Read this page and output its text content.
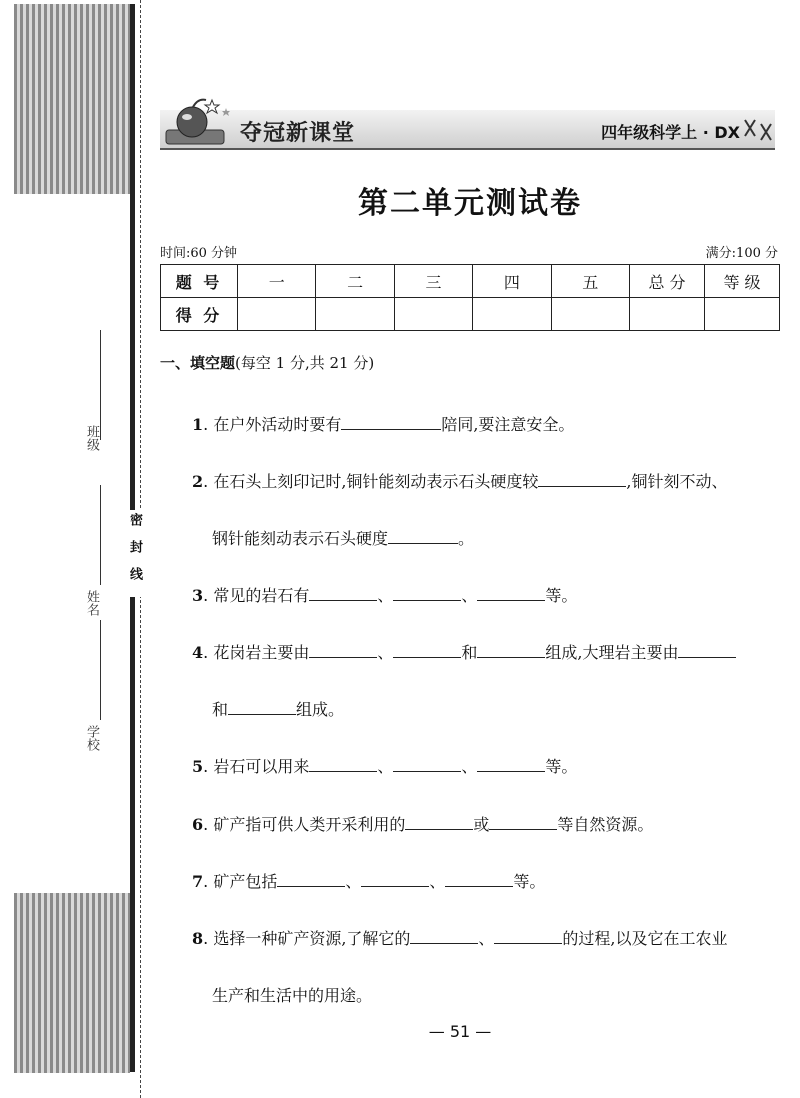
班级
姓名
学校
密封线
夺冠新课堂	四年级科学上 · DX
第二单元测试卷
时间:60 分钟	满分:100 分
题 号	一	二	三	四	五	总 分	等 级
得 分							
一、填空题(每空 1 分,共 21 分)
1. 在户外活动时要有	陪同,要注意安全。
2. 在石头上刻印记时,铜针能刻动表示石头硬度较	,铜针刻不动、
钢针能刻动表示石头硬度	。
3. 常见的岩石有	、	、	等。
4. 花岗岩主要由	、	和	组成,大理岩主要由
和	组成。
5. 岩石可以用来	、	、	等。
6. 矿产指可供人类开采利用的	或	等自然资源。
7. 矿产包括	、	、	等。
8. 选择一种矿产资源,了解它的	、	的过程,以及它在工农业
生产和生活中的用途。
— 51 —
